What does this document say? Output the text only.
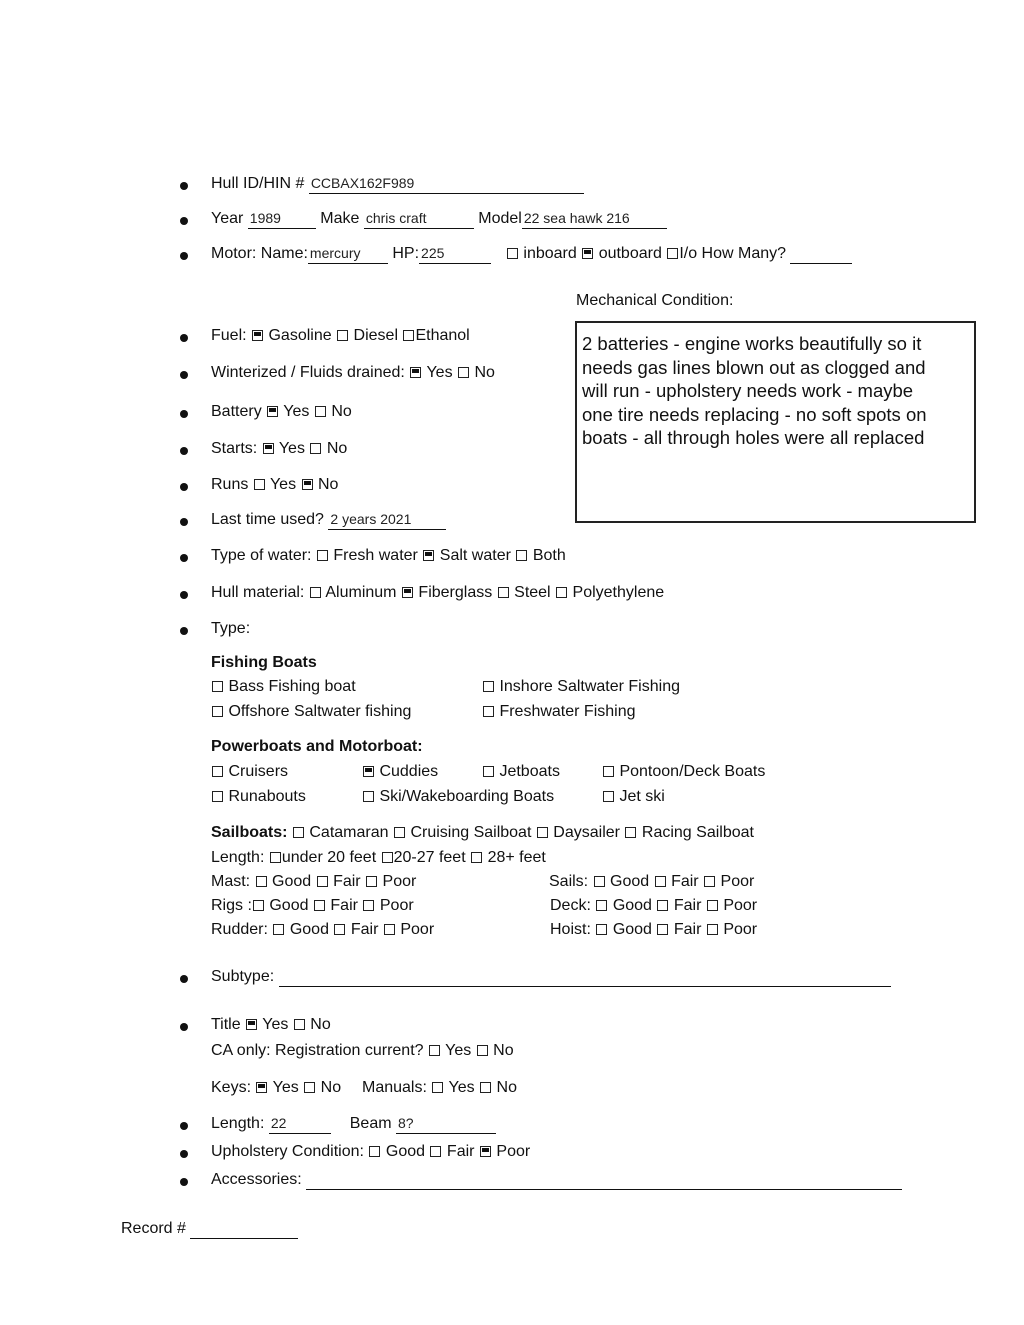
Hull ID/HIN # CCBAX162F989
Year 1989 Make chris craft	Model 22 sea hawk 216
Motor: Name: mercury HP: 225	inboard outboard I/o How Many?
Mechanical Condition:
2 batteries - engine works beautifully so it
needs gas lines blown out as clogged and
will run - upholstery needs work - maybe
one tire needs replacing - no soft spots on
boats - all through holes were all replaced
Fuel: Gasoline Diesel Ethanol
Winterized / Fluids drained: Yes No
Battery Yes No
Starts: Yes No
Runs Yes No
Last time used? 2 years 2021
Type of water: Fresh water Salt water Both
Hull material: Aluminum Fiberglass Steel Polyethylene
Type:
Fishing Boats
Bass Fishing boat	Inshore Saltwater Fishing
Offshore Saltwater fishing	Freshwater Fishing
Powerboats and Motorboat:
Cruisers	Cuddies	Jetboats	Pontoon/Deck Boats
Runabouts	Ski/Wakeboarding Boats	Jet ski
Sailboats: Catamaran Cruising Sailboat Daysailer Racing Sailboat
Length: under 20 feet 20-27 feet 28+ feet
Mast: Good Fair Poor	Sails: Good Fair Poor
Rigs : Good Fair Poor	Deck: Good Fair Poor
Rudder: Good Fair Poor	Hoist: Good Fair Poor
Subtype:
Title Yes No
CA only: Registration current? Yes No
Keys: Yes No Manuals: Yes No
Length: 22	Beam 8?
Upholstery Condition: Good Fair Poor
Accessories:
Record #
